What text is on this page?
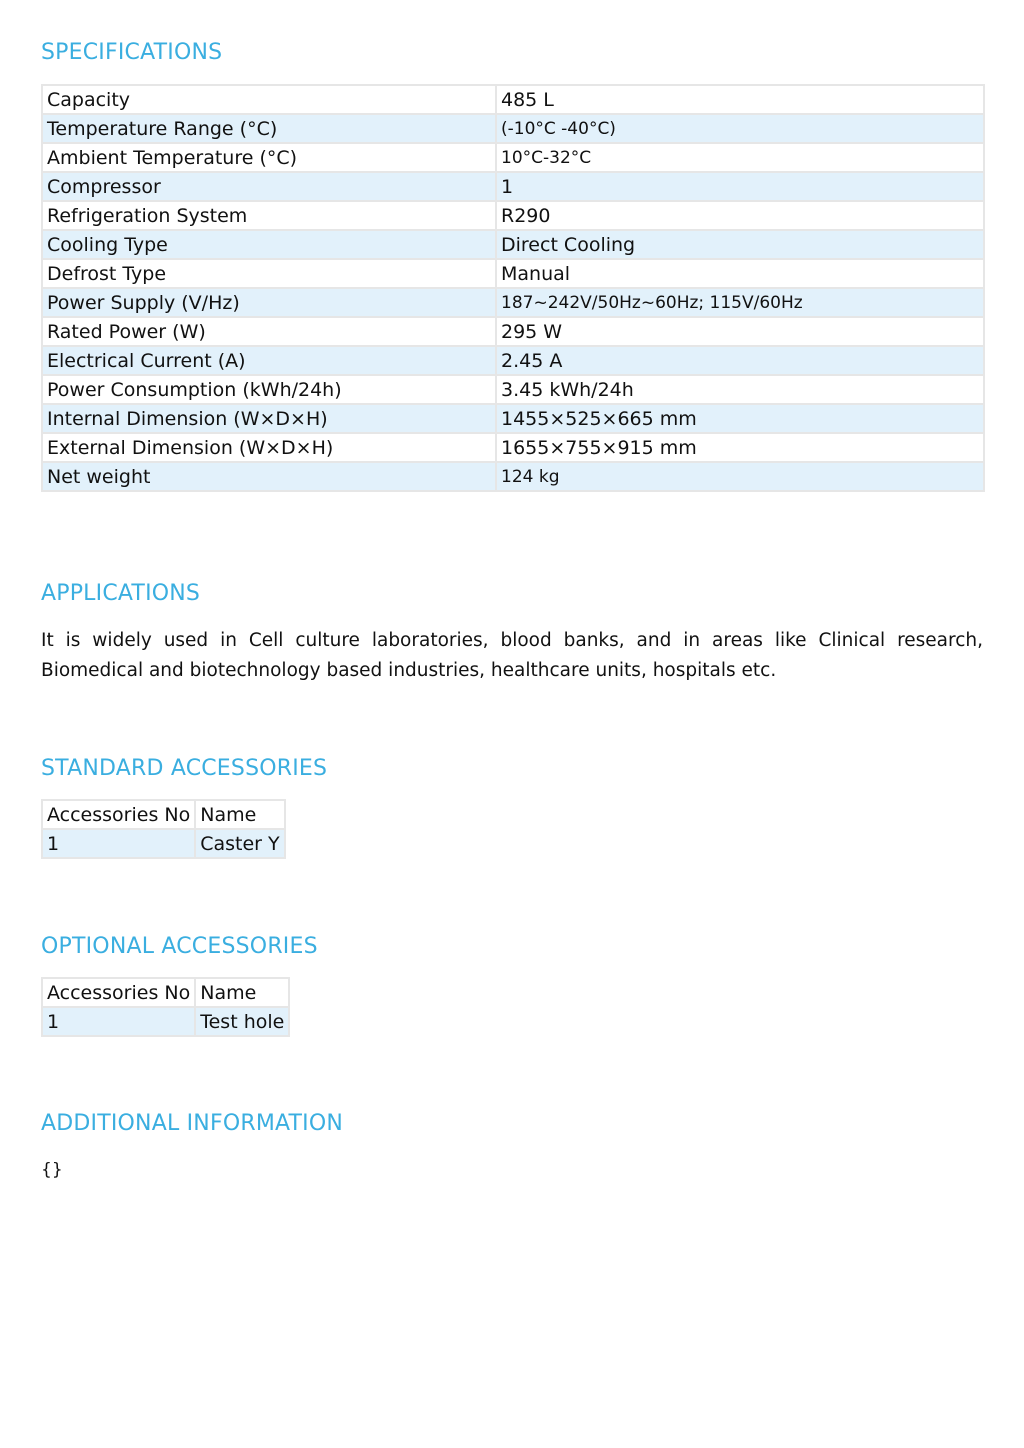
SPECIFICATIONS
Capacity	485 L
Temperature Range (°C)	(-10°C -40°C)
Ambient Temperature (°C)	10°C-32°C
Compressor	1
Refrigeration System	R290
Cooling Type	Direct Cooling
Defrost Type	Manual
Power Supply (V/Hz)	187~242V/50Hz~60Hz; 115V/60Hz
Rated Power (W)	295 W
Electrical Current (A)	2.45 A
Power Consumption (kWh/24h)	3.45 kWh/24h
Internal Dimension (W×D×H)	1455×525×665 mm
External Dimension (W×D×H)	1655×755×915 mm
Net weight	124 kg
APPLICATIONS

It is widely used in Cell culture laboratories, blood banks, and in areas like Clinical research, Biomedical and biotechnology based industries, healthcare units, hospitals etc.

STANDARD ACCESSORIES
Accessories No	Name
1	Caster Y
OPTIONAL ACCESSORIES
Accessories No	Name
1	Test hole
ADDITIONAL INFORMATION

{}
